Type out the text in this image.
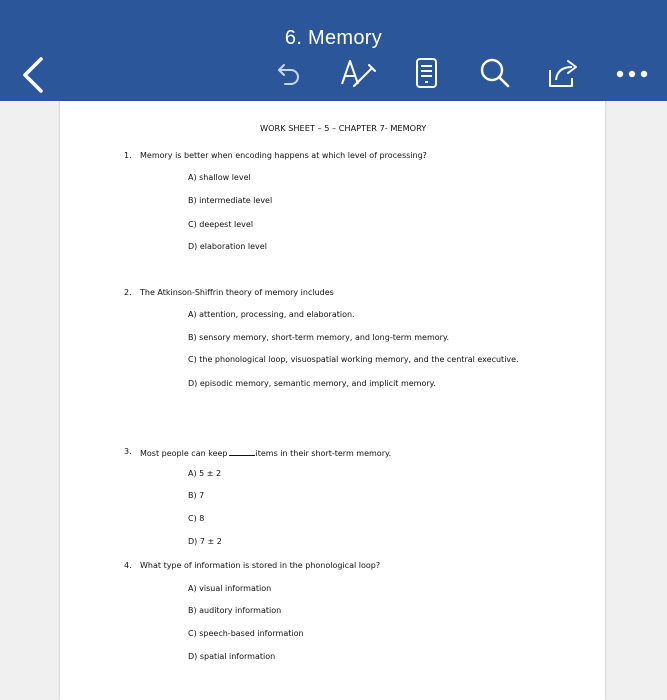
6. Memory
WORK SHEET – 5 – CHAPTER 7- MEMORY
1. Memory is better when encoding happens at which level of processing?
A) shallow level
B) intermediate level
C) deepest level
D) elaboration level
2. The Atkinson-Shiffrin theory of memory includes
A) attention, processing, and elaboration.
B) sensory memory, short-term memory, and long-term memory.
C) the phonological loop, visuospatial working memory, and the central executive.
D) episodic memory, semantic memory, and implicit memory.
3. Most people can keep	items in their short-term memory.
A) 5 ± 2
B) 7
C) 8
D) 7 ± 2
4. What type of information is stored in the phonological loop?
A) visual information
B) auditory information
C) speech-based information
D) spatial information
